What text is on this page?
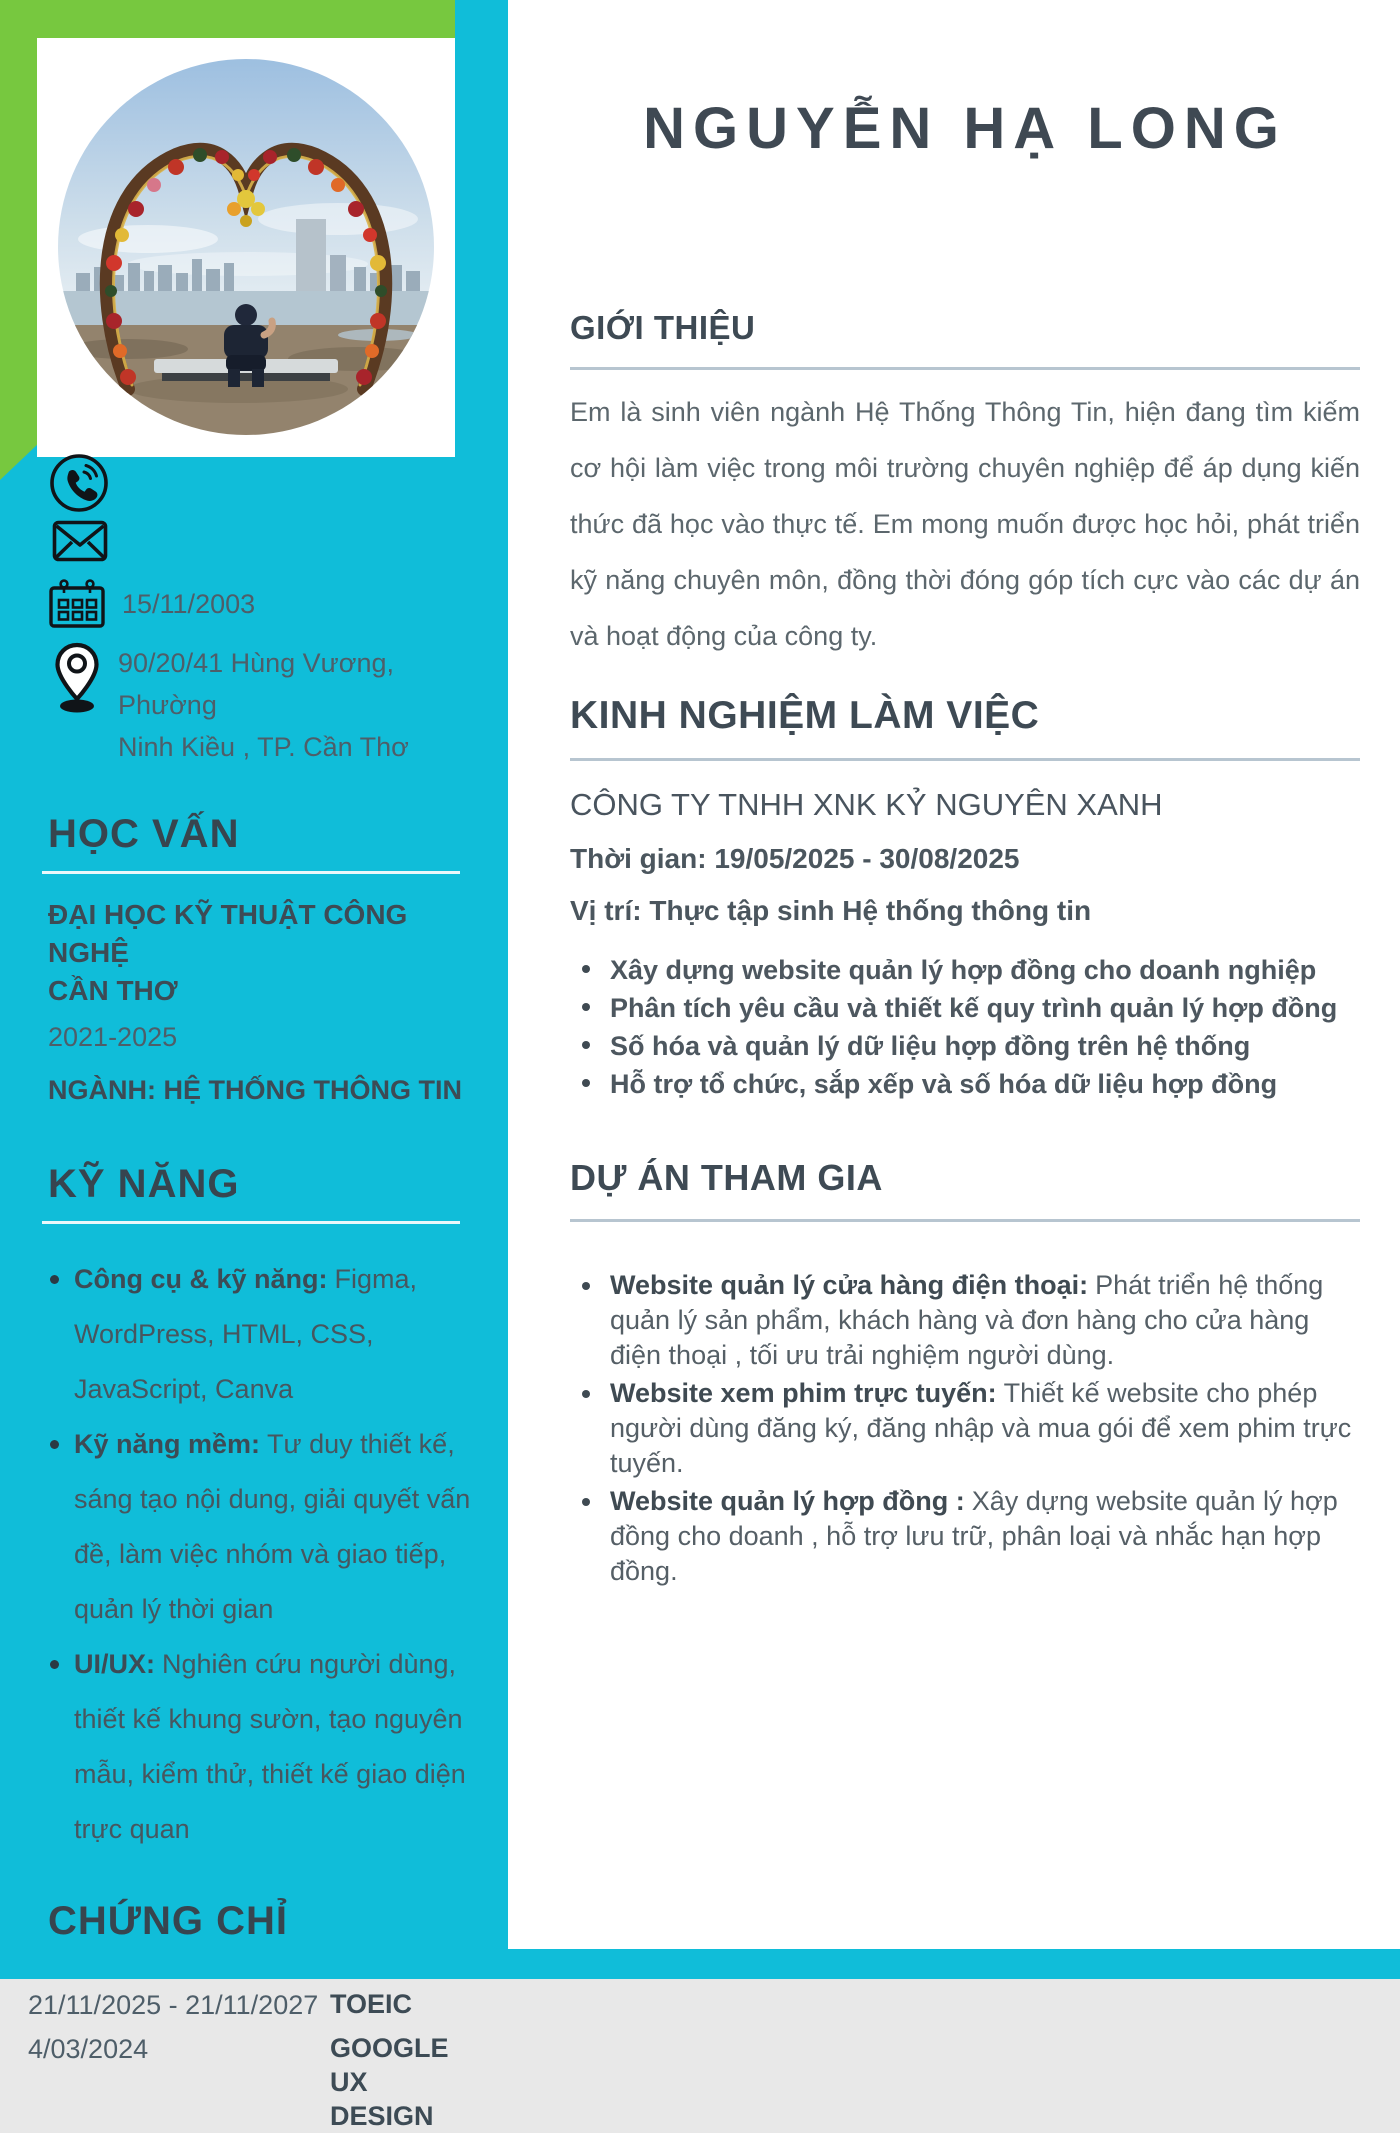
15/11/2003
90/20/41 Hùng Vương, Phường
Ninh Kiều , TP. Cần Thơ
HỌC VẤN
ĐẠI HỌC KỸ THUẬT CÔNG NGHỆ
CẦN THƠ
2021-2025
NGÀNH: HỆ THỐNG THÔNG TIN
KỸ NĂNG
Công cụ & kỹ năng: Figma, WordPress, HTML, CSS, JavaScript, Canva
Kỹ năng mềm: Tư duy thiết kế, sáng tạo nội dung, giải quyết vấn đề, làm việc nhóm và giao tiếp, quản lý thời gian
UI/UX: Nghiên cứu người dùng, thiết kế khung sườn, tạo nguyên mẫu, kiểm thử, thiết kế giao diện trực quan
CHỨNG CHỈ
21/11/2025 - 21/11/2027 TOEIC
4/03/2024	GOOGLE UX DESIGN
NGUYỄN HẠ LONG
GIỚI THIỆU

Em là sinh viên ngành Hệ Thống Thông Tin, hiện đang tìm kiếm cơ hội làm việc trong môi trường chuyên nghiệp để áp dụng kiến thức đã học vào thực tế. Em mong muốn được học hỏi, phát triển kỹ năng chuyên môn, đồng thời đóng góp tích cực vào các dự án và hoạt động của công ty.

KINH NGHIỆM LÀM VIỆC
CÔNG TY TNHH XNK KỶ NGUYÊN XANH
Thời gian: 19/05/2025 - 30/08/2025
Vị trí: Thực tập sinh Hệ thống thông tin
Xây dựng website quản lý hợp đồng cho doanh nghiệp
Phân tích yêu cầu và thiết kế quy trình quản lý hợp đồng
Số hóa và quản lý dữ liệu hợp đồng trên hệ thống
Hỗ trợ tổ chức, sắp xếp và số hóa dữ liệu hợp đồng
DỰ ÁN THAM GIA
Website quản lý cửa hàng điện thoại: Phát triển hệ thống quản lý sản phẩm, khách hàng và đơn hàng cho cửa hàng điện thoại , tối ưu trải nghiệm người dùng.
Website xem phim trực tuyến: Thiết kế website cho phép người dùng đăng ký, đăng nhập và mua gói để xem phim trực tuyến.
Website quản lý hợp đồng : Xây dựng website quản lý hợp đồng cho doanh , hỗ trợ lưu trữ, phân loại và nhắc hạn hợp đồng.
